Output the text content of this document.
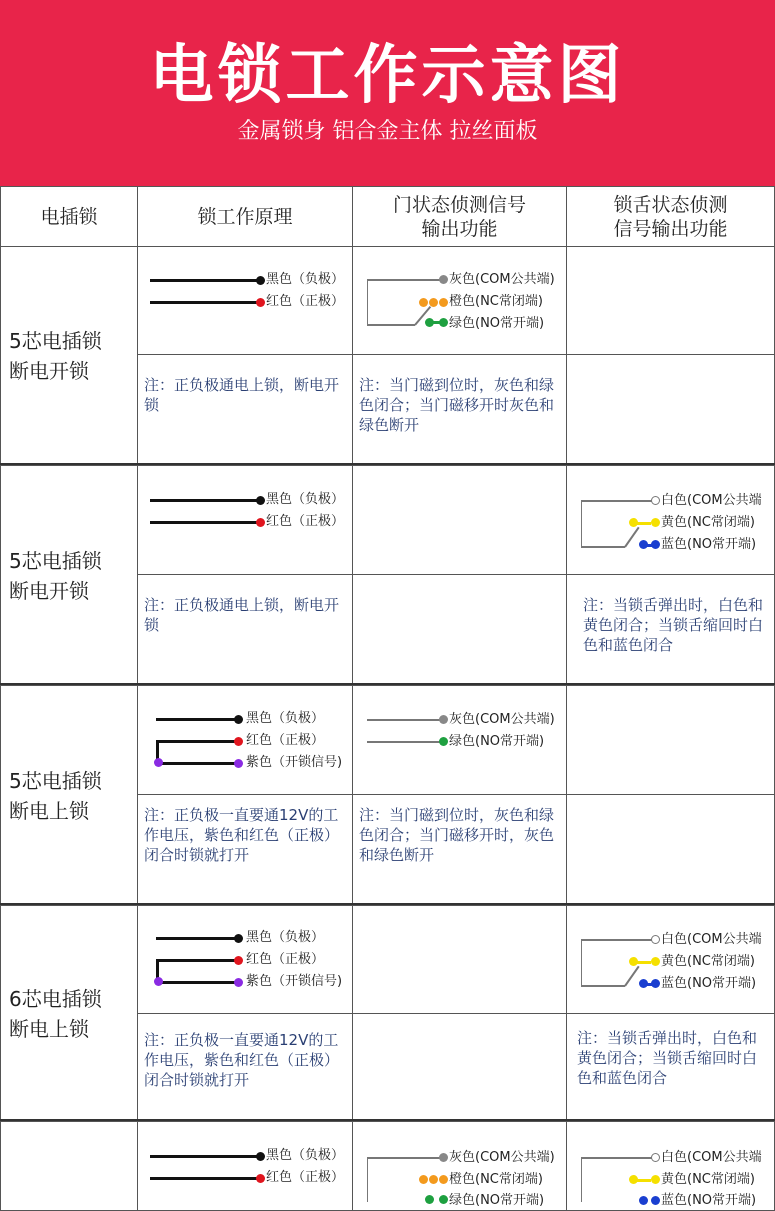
电锁工作示意图
金属锁身 铝合金主体 拉丝面板
电插锁	锁工作原理
门状态侦测信号
输出功能
锁舌状态侦测
信号输出功能
5芯电插锁
断电开锁
黑色（负极）
红色（正极）
灰色(COM公共端)
橙色(NC常闭端)
绿色(NO常开端)
注：正负极通电上锁，断电开锁
注：当门磁到位时，灰色和绿色闭合；当门磁移开时灰色和绿色断开
5芯电插锁
断电开锁
黑色（负极）
红色（正极）
白色(COM公共端
黄色(NC常闭端)
蓝色(NO常开端)
注：正负极通电上锁，断电开锁
注：当锁舌弹出时，白色和黄色闭合；当锁舌缩回时白色和蓝色闭合
5芯电插锁
断电上锁
黑色（负极）
红色（正极）
紫色（开锁信号)
灰色(COM公共端)
绿色(NO常开端)
注：正负极一直要通12V的工作电压，紫色和红色（正极）闭合时锁就打开
注：当门磁到位时，灰色和绿色闭合；当门磁移开时，灰色和绿色断开
6芯电插锁
断电上锁
黑色（负极）
红色（正极）
紫色（开锁信号)
白色(COM公共端
黄色(NC常闭端)
蓝色(NO常开端)
注：正负极一直要通12V的工作电压，紫色和红色（正极）闭合时锁就打开
注：当锁舌弹出时，白色和黄色闭合；当锁舌缩回时白色和蓝色闭合
黑色（负极）
红色（正极）
灰色(COM公共端)
橙色(NC常闭端)
绿色(NO常开端)
白色(COM公共端
黄色(NC常闭端)
蓝色(NO常开端)
